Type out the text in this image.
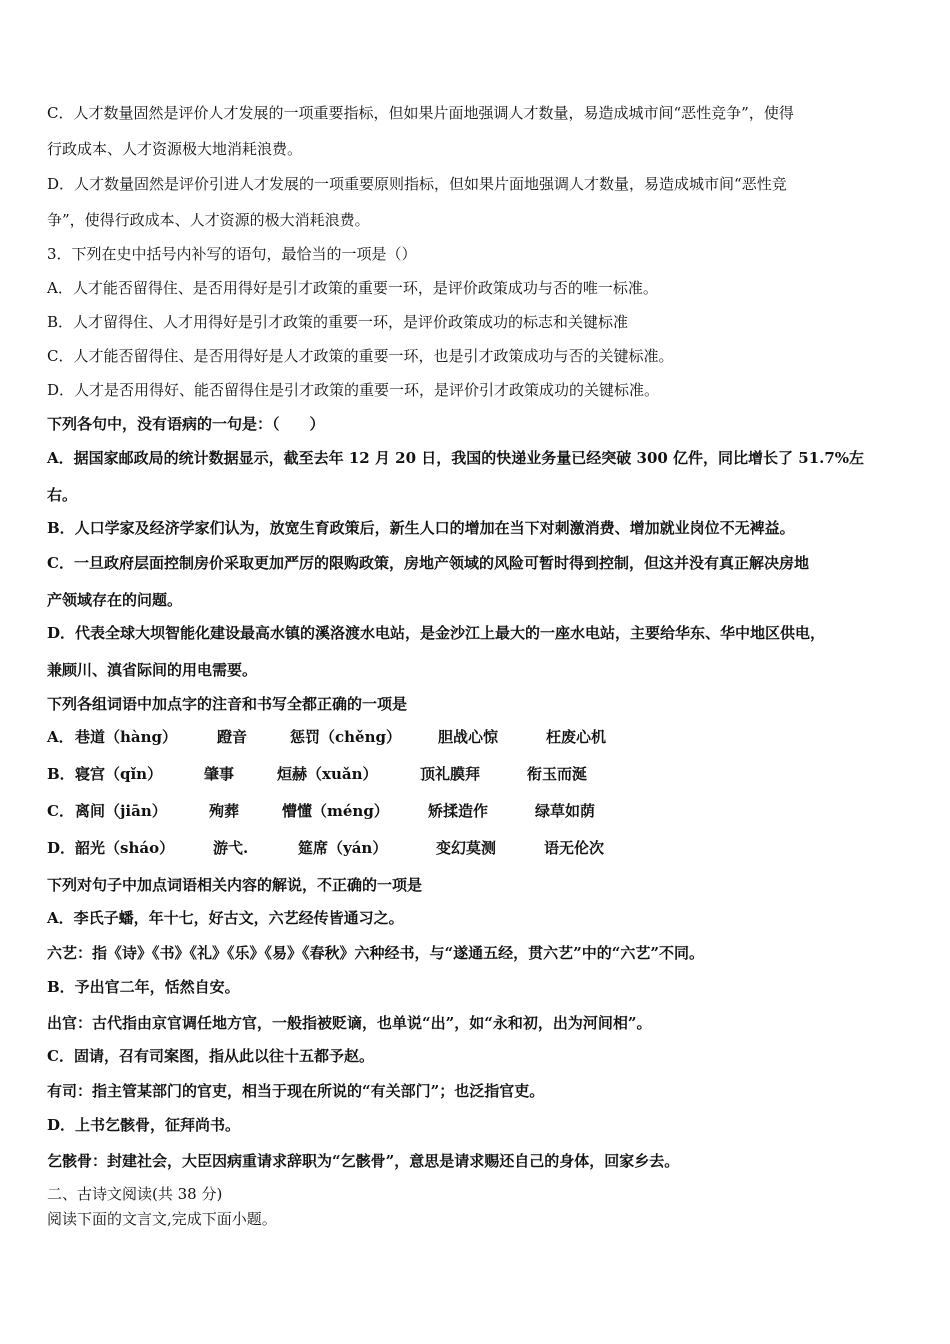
C．人才数量固然是评价人才发展的一项重要指标，但如果片面地强调人才数量，易造成城市间“恶性竞争”，使得
行政成本、人才资源极大地消耗浪费。
D．人才数量固然是评价引进人才发展的一项重要原则指标，但如果片面地强调人才数量，易造成城市间“恶性竞
争”，使得行政成本、人才资源的极大消耗浪费。
3．下列在史中括号内补写的语句，最恰当的一项是（）
A．人才能否留得住、是否用得好是引才政策的重要一环，是评价政策成功与否的唯一标准。
B．人才留得住、人才用得好是引才政策的重要一环，是评价政策成功的标志和关键标准
C．人才能否留得住、是否用得好是人才政策的重要一环，也是引才政策成功与否的关键标准。
D．人才是否用得好、能否留得住是引才政策的重要一环，是评价引才政策成功的关键标准。
下列各句中，没有语病的一句是：（　　）
A．据国家邮政局的统计数据显示，截至去年 12 月 20 日，我国的快递业务量已经突破 300 亿件，同比增长了 51.7%左
右。
B．人口学家及经济学家们认为，放宽生育政策后，新生人口的增加在当下对刺激消费、增加就业岗位不无裨益。
C．一旦政府层面控制房价采取更加严厉的限购政策，房地产领域的风险可暂时得到控制，但这并没有真正解决房地
产领域存在的问题。
D．代表全球大坝智能化建设最高水镇的溪洛渡水电站，是金沙江上最大的一座水电站，主要给华东、华中地区供电，
兼顾川、滇省际间的用电需要。
下列各组词语中加点字的注音和书写全都正确的一项是
A． 巷道（hàng）	蹬音	惩罚（chěng） 胆战心惊	枉废心机
B． 寝宫（qǐn）	肇事	烜赫（xuǎn）	顶礼膜拜	衔玉而涎
C． 离间（jiān）	殉葬	懵懂（méng）	矫揉造作	绿草如荫
D． 韶光（sháo）	游弋.	筵席（yán）	变幻莫测	语无伦次
下列对句子中加点词语相关内容的解说，不正确的一项是
A．李氏子蟠，年十七，好古文，六艺经传皆通习之。
六艺：指《诗》《书》《礼》《乐》《易》《春秋》六种经书，与“遂通五经，贯六艺”中的“六艺”不同。
B．予出官二年，恬然自安。
出官：古代指由京官调任地方官，一般指被贬谪，也单说“出”，如“永和初，出为河间相”。
C．固请，召有司案图，指从此以往十五都予赵。
有司：指主管某部门的官吏，相当于现在所说的“有关部门”；也泛指官吏。
D．上书乞骸骨，征拜尚书。
乞骸骨：封建社会，大臣因病重请求辞职为“乞骸骨”，意思是请求赐还自己的身体，回家乡去。
二、古诗文阅读(共 38 分)
阅读下面的文言文,完成下面小题。
